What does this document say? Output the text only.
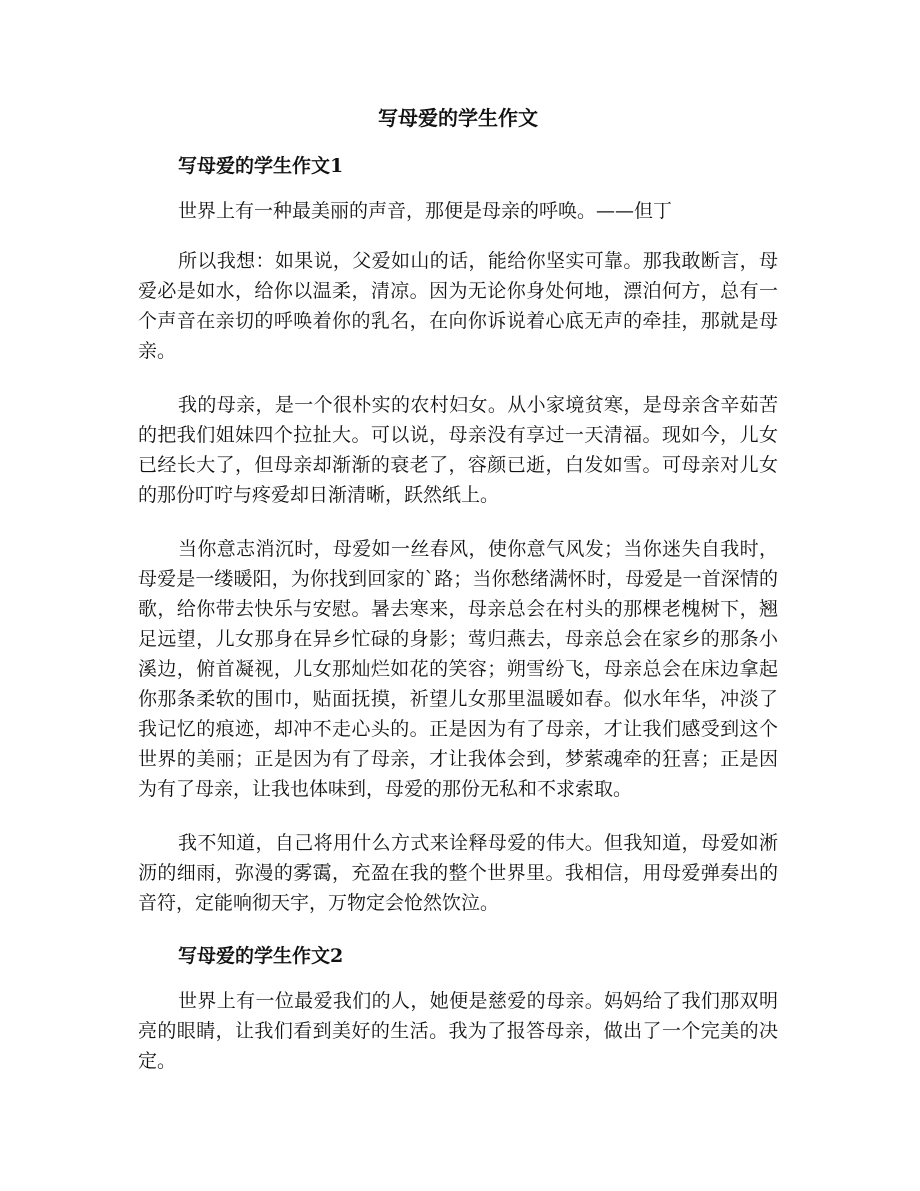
写母爱的学生作文
写母爱的学生作文1

世界上有一种最美丽的声音，那便是母亲的呼唤。——但丁

所以我想：如果说，父爱如山的话，能给你坚实可靠。那我敢断言，母爱必是如水，给你以温柔，清凉。因为无论你身处何地，漂泊何方，总有一个声音在亲切的呼唤着你的乳名，在向你诉说着心底无声的牵挂，那就是母亲。

我的母亲，是一个很朴实的农村妇女。从小家境贫寒，是母亲含辛茹苦的把我们姐妹四个拉扯大。可以说，母亲没有享过一天清福。现如今，儿女已经长大了，但母亲却渐渐的衰老了，容颜已逝，白发如雪。可母亲对儿女的那份叮咛与疼爱却日渐清晰，跃然纸上。

当你意志消沉时，母爱如一丝春风，使你意气风发；当你迷失自我时，母爱是一缕暖阳，为你找到回家的`路；当你愁绪满怀时，母爱是一首深情的歌，给你带去快乐与安慰。暑去寒来，母亲总会在村头的那棵老槐树下，翘足远望，儿女那身在异乡忙碌的身影；莺归燕去，母亲总会在家乡的那条小溪边，俯首凝视，儿女那灿烂如花的笑容；朔雪纷飞，母亲总会在床边拿起你那条柔软的围巾，贴面抚摸，祈望儿女那里温暖如春。似水年华，冲淡了我记忆的痕迹，却冲不走心头的。正是因为有了母亲，才让我们感受到这个世界的美丽；正是因为有了母亲，才让我体会到，梦萦魂牵的狂喜；正是因为有了母亲，让我也体味到，母爱的那份无私和不求索取。

我不知道，自己将用什么方式来诠释母爱的伟大。但我知道，母爱如淅沥的细雨，弥漫的雾霭，充盈在我的整个世界里。我相信，用母爱弹奏出的音符，定能响彻天宇，万物定会怆然饮泣。

写母爱的学生作文2

世界上有一位最爱我们的人，她便是慈爱的母亲。妈妈给了我们那双明亮的眼睛，让我们看到美好的生活。我为了报答母亲，做出了一个完美的决定。
